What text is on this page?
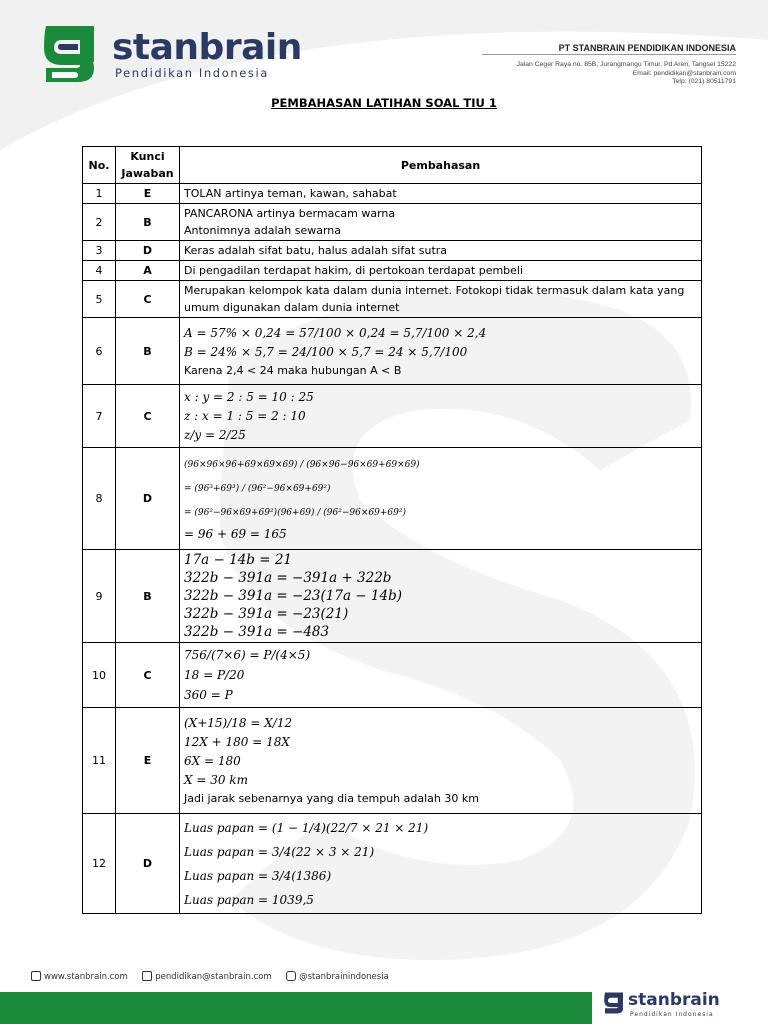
stanbrain
Pendidikan Indonesia
PT STANBRAIN PENDIDIKAN INDONESIA
Jalan Ceger Raya no. 85B, Jurangmangu Timur, Pd Aren, Tangsel 15222
Email: pendidikan@stanbrain.com
Telp: (021) 80511791
PEMBAHASAN LATIHAN SOAL TIU 1
No.	Kunci Jawaban	Pembahasan
1	E	TOLAN artinya teman, kawan, sahabat

2	B	PANCARONA artinya bermacam warna
Antonimnya adalah sewarna

3	D	Keras adalah sifat batu, halus adalah sifat sutra

4	A	Di pengadilan terdapat hakim, di pertokoan terdapat pembeli

5	C	Merupakan kelompok kata dalam dunia internet. Fotokopi tidak termasuk dalam kata yang umum digunakan dalam dunia internet

6	B	A = 57% × 0,24 = 57/100 × 0,24 = 5,7/100 × 2,4
B = 24% × 5,7 = 24/100 × 5,7 = 24 × 5,7/100
Karena 2,4 < 24 maka hubungan A < B

7	C	x : y = 2 : 5 = 10 : 25
z : x = 1 : 5 = 2 : 10
z/y = 2/25

8	D	(96×96×96+69×69×69) / (96×96−96×69+69×69)
= (96³+69³) / (96²−96×69+69²)
= (96²−96×69+69²)(96+69) / (96²−96×69+69²)
= 96 + 69 = 165

9	B	17a − 14b = 21
322b − 391a = −391a + 322b
322b − 391a = −23(17a − 14b)
322b − 391a = −23(21)
322b − 391a = −483

10	C	756/(7×6) = P/(4×5)
18 = P/20
360 = P

11	E	(X+15)/18 = X/12
12X + 180 = 18X
6X = 180
X = 30 km
Jadi jarak sebenarnya yang dia tempuh adalah 30 km

12	D	Luas papan = (1 − 1/4)(22/7 × 21 × 21)
Luas papan = 3/4(22 × 3 × 21)
Luas papan = 3/4(1386)
Luas papan = 1039,5
www.stanbrain.com	pendidikan@stanbrain.com	@stanbrainindonesia
stanbrain
Pendidikan Indonesia
